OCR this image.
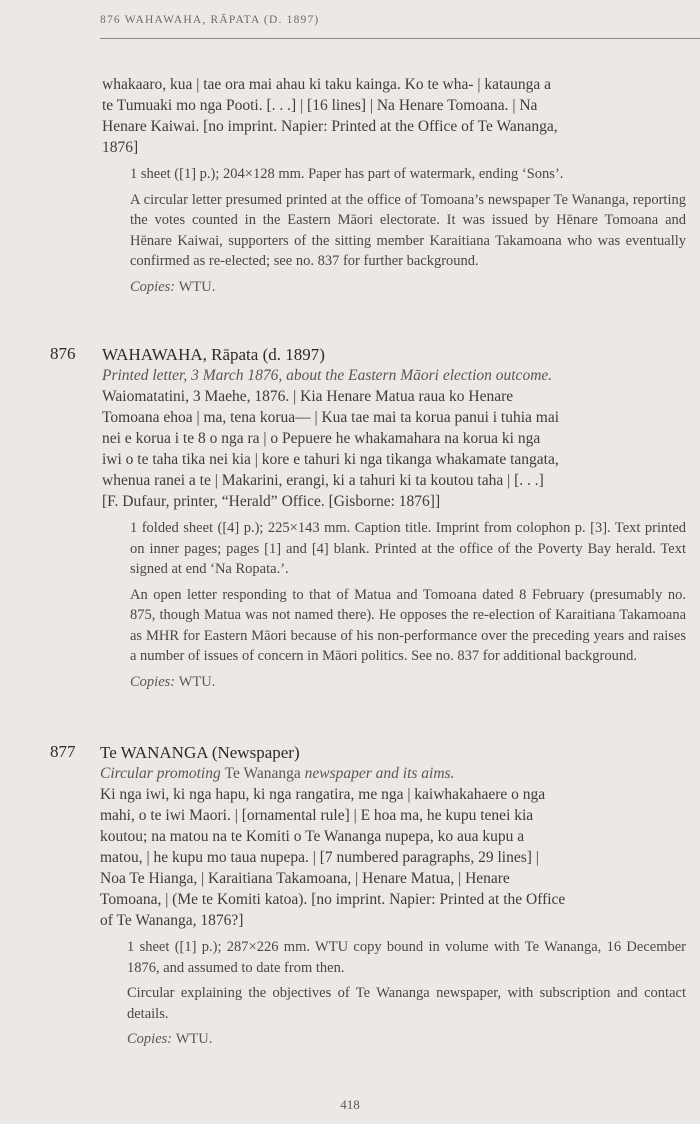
876 WAHAWAHA, RĀPATA (D. 1897)
whakaaro, kua | tae ora mai ahau ki taku kainga. Ko te wha- | kataunga a
te Tumuaki mo nga Pooti. [. . .] | [16 lines] | Na Henare Tomoana. | Na
Henare Kaiwai. [no imprint. Napier: Printed at the Office of Te Wananga,
1876]

1 sheet ([1] p.); 204×128 mm. Paper has part of watermark, ending ‘Sons’.

A circular letter presumed printed at the office of Tomoana’s newspaper Te Wananga, reporting the votes counted in the Eastern Māori electorate. It was issued by Hēnare Tomoana and Hēnare Kaiwai, supporters of the sitting member Karaitiana Takamoana who was eventually confirmed as re-elected; see no. 837 for further background.

Copies: WTU.

876 WAHAWAHA, Rāpata (d. 1897)
Printed letter, 3 March 1876, about the Eastern Māori election outcome.
Waiomatatini, 3 Maehe, 1876. | Kia Henare Matua raua ko Henare
Tomoana ehoa | ma, tena korua— | Kua tae mai ta korua panui i tuhia mai
nei e korua i te 8 o nga ra | o Pepuere he whakamahara na korua ki nga
iwi o te taha tika nei kia | kore e tahuri ki nga tikanga whakamate tangata,
whenua ranei a te | Makarini, erangi, ki a tahuri ki ta koutou taha | [. . .]
[F. Dufaur, printer, “Herald” Office. [Gisborne: 1876]]

1 folded sheet ([4] p.); 225×143 mm. Caption title. Imprint from colophon p. [3]. Text printed on inner pages; pages [1] and [4] blank. Printed at the office of the Poverty Bay herald. Text signed at end ‘Na Ropata.’.

An open letter responding to that of Matua and Tomoana dated 8 February (presumably no. 875, though Matua was not named there). He opposes the re-election of Karaitiana Takamoana as MHR for Eastern Māori because of his non-performance over the preceding years and raises a number of issues of concern in Māori politics. See no. 837 for additional background.

Copies: WTU.

877 Te WANANGA (Newspaper)
Circular promoting Te Wananga newspaper and its aims.
Ki nga iwi, ki nga hapu, ki nga rangatira, me nga | kaiwhakahaere o nga
mahi, o te iwi Maori. | [ornamental rule] | E hoa ma, he kupu tenei kia
koutou; na matou na te Komiti o Te Wananga nupepa, ko aua kupu a
matou, | he kupu mo taua nupepa. | [7 numbered paragraphs, 29 lines] |
Noa Te Hianga, | Karaitiana Takamoana, | Henare Matua, | Henare
Tomoana, | (Me te Komiti katoa). [no imprint. Napier: Printed at the Office
of Te Wananga, 1876?]

1 sheet ([1] p.); 287×226 mm. WTU copy bound in volume with Te Wananga, 16 December 1876, and assumed to date from then.

Circular explaining the objectives of Te Wananga newspaper, with subscription and contact details.

Copies: WTU.

418
